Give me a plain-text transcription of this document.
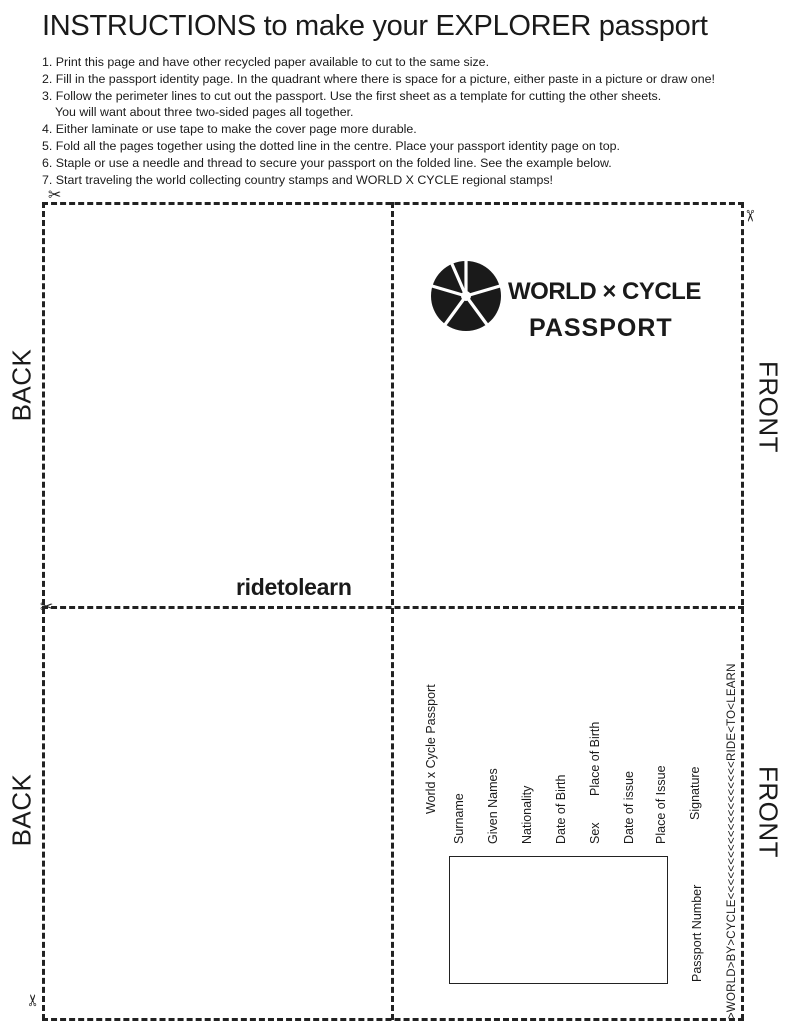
INSTRUCTIONS to make your EXPLORER passport
1. Print this page and have other recycled paper available to cut to the same size.
2. Fill in the passport identity page. In the quadrant where there is space for a picture, either paste in a picture or draw one!
3. Follow the perimeter lines to cut out the passport. Use the first sheet as a template for cutting the other sheets.
You will want about three two-sided pages all together.
4. Either laminate or use tape to make the cover page more durable.
5. Fold all the pages together using the dotted line in the centre. Place your passport identity page on top.
6. Staple or use a needle and thread to secure your passport on the folded line. See the example below.
7. Start traveling the world collecting country stamps and WORLD X CYCLE regional stamps!
✂
✂
✂
✂
BACK	FRONT
BACK	FRONT
WORLD × CYCLE
PASSPORT
ridetolearn
World x Cycle Passport
Surname Given Names Nationality Date of Birth Sex
Place of Birth
Date of issue Place of Issue Signature
Passport Number >WORLD>BY>CYCLE<<<<<<<<<<<<<<<<<<<<RIDE<TO<LEARN
